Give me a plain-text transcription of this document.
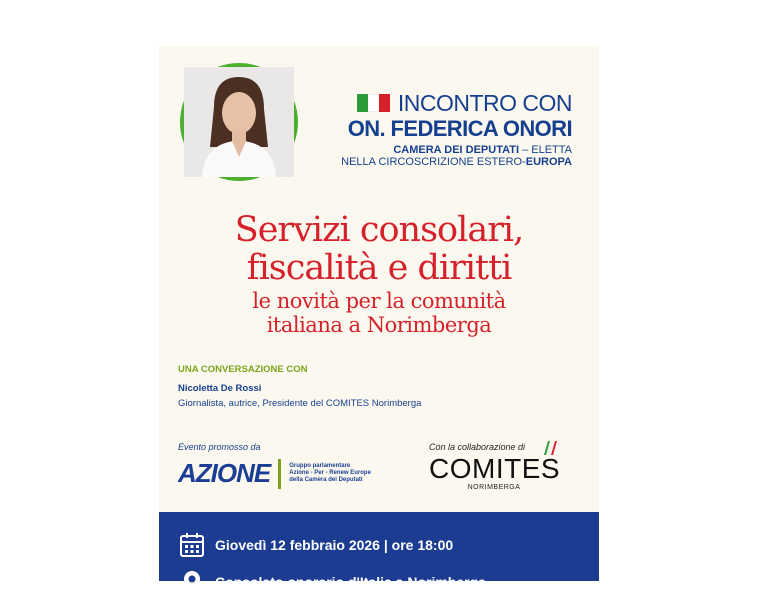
INCONTRO CON
ON. FEDERICA ONORI
CAMERA DEI DEPUTATI – ELETTA
NELLA CIRCOSCRIZIONE ESTERO-EUROPA
Servizi consolari,
fiscalità e diritti
le novità per la comunità
italiana a Norimberga
UNA CONVERSAZIONE CON
Nicoletta De Rossi
Giornalista, autrice, Presidente del COMITES Norimberga
Evento promosso da
AZIONE	Gruppo parlamentare
Azione - Per - Renew Europe
della Camera dei Deputati
Con la collaborazione di
COMITES
NORIMBERGA
Giovedì 12 febbraio 2026 | ore 18:00
Consolato onorario d'Italia a Norimberga
